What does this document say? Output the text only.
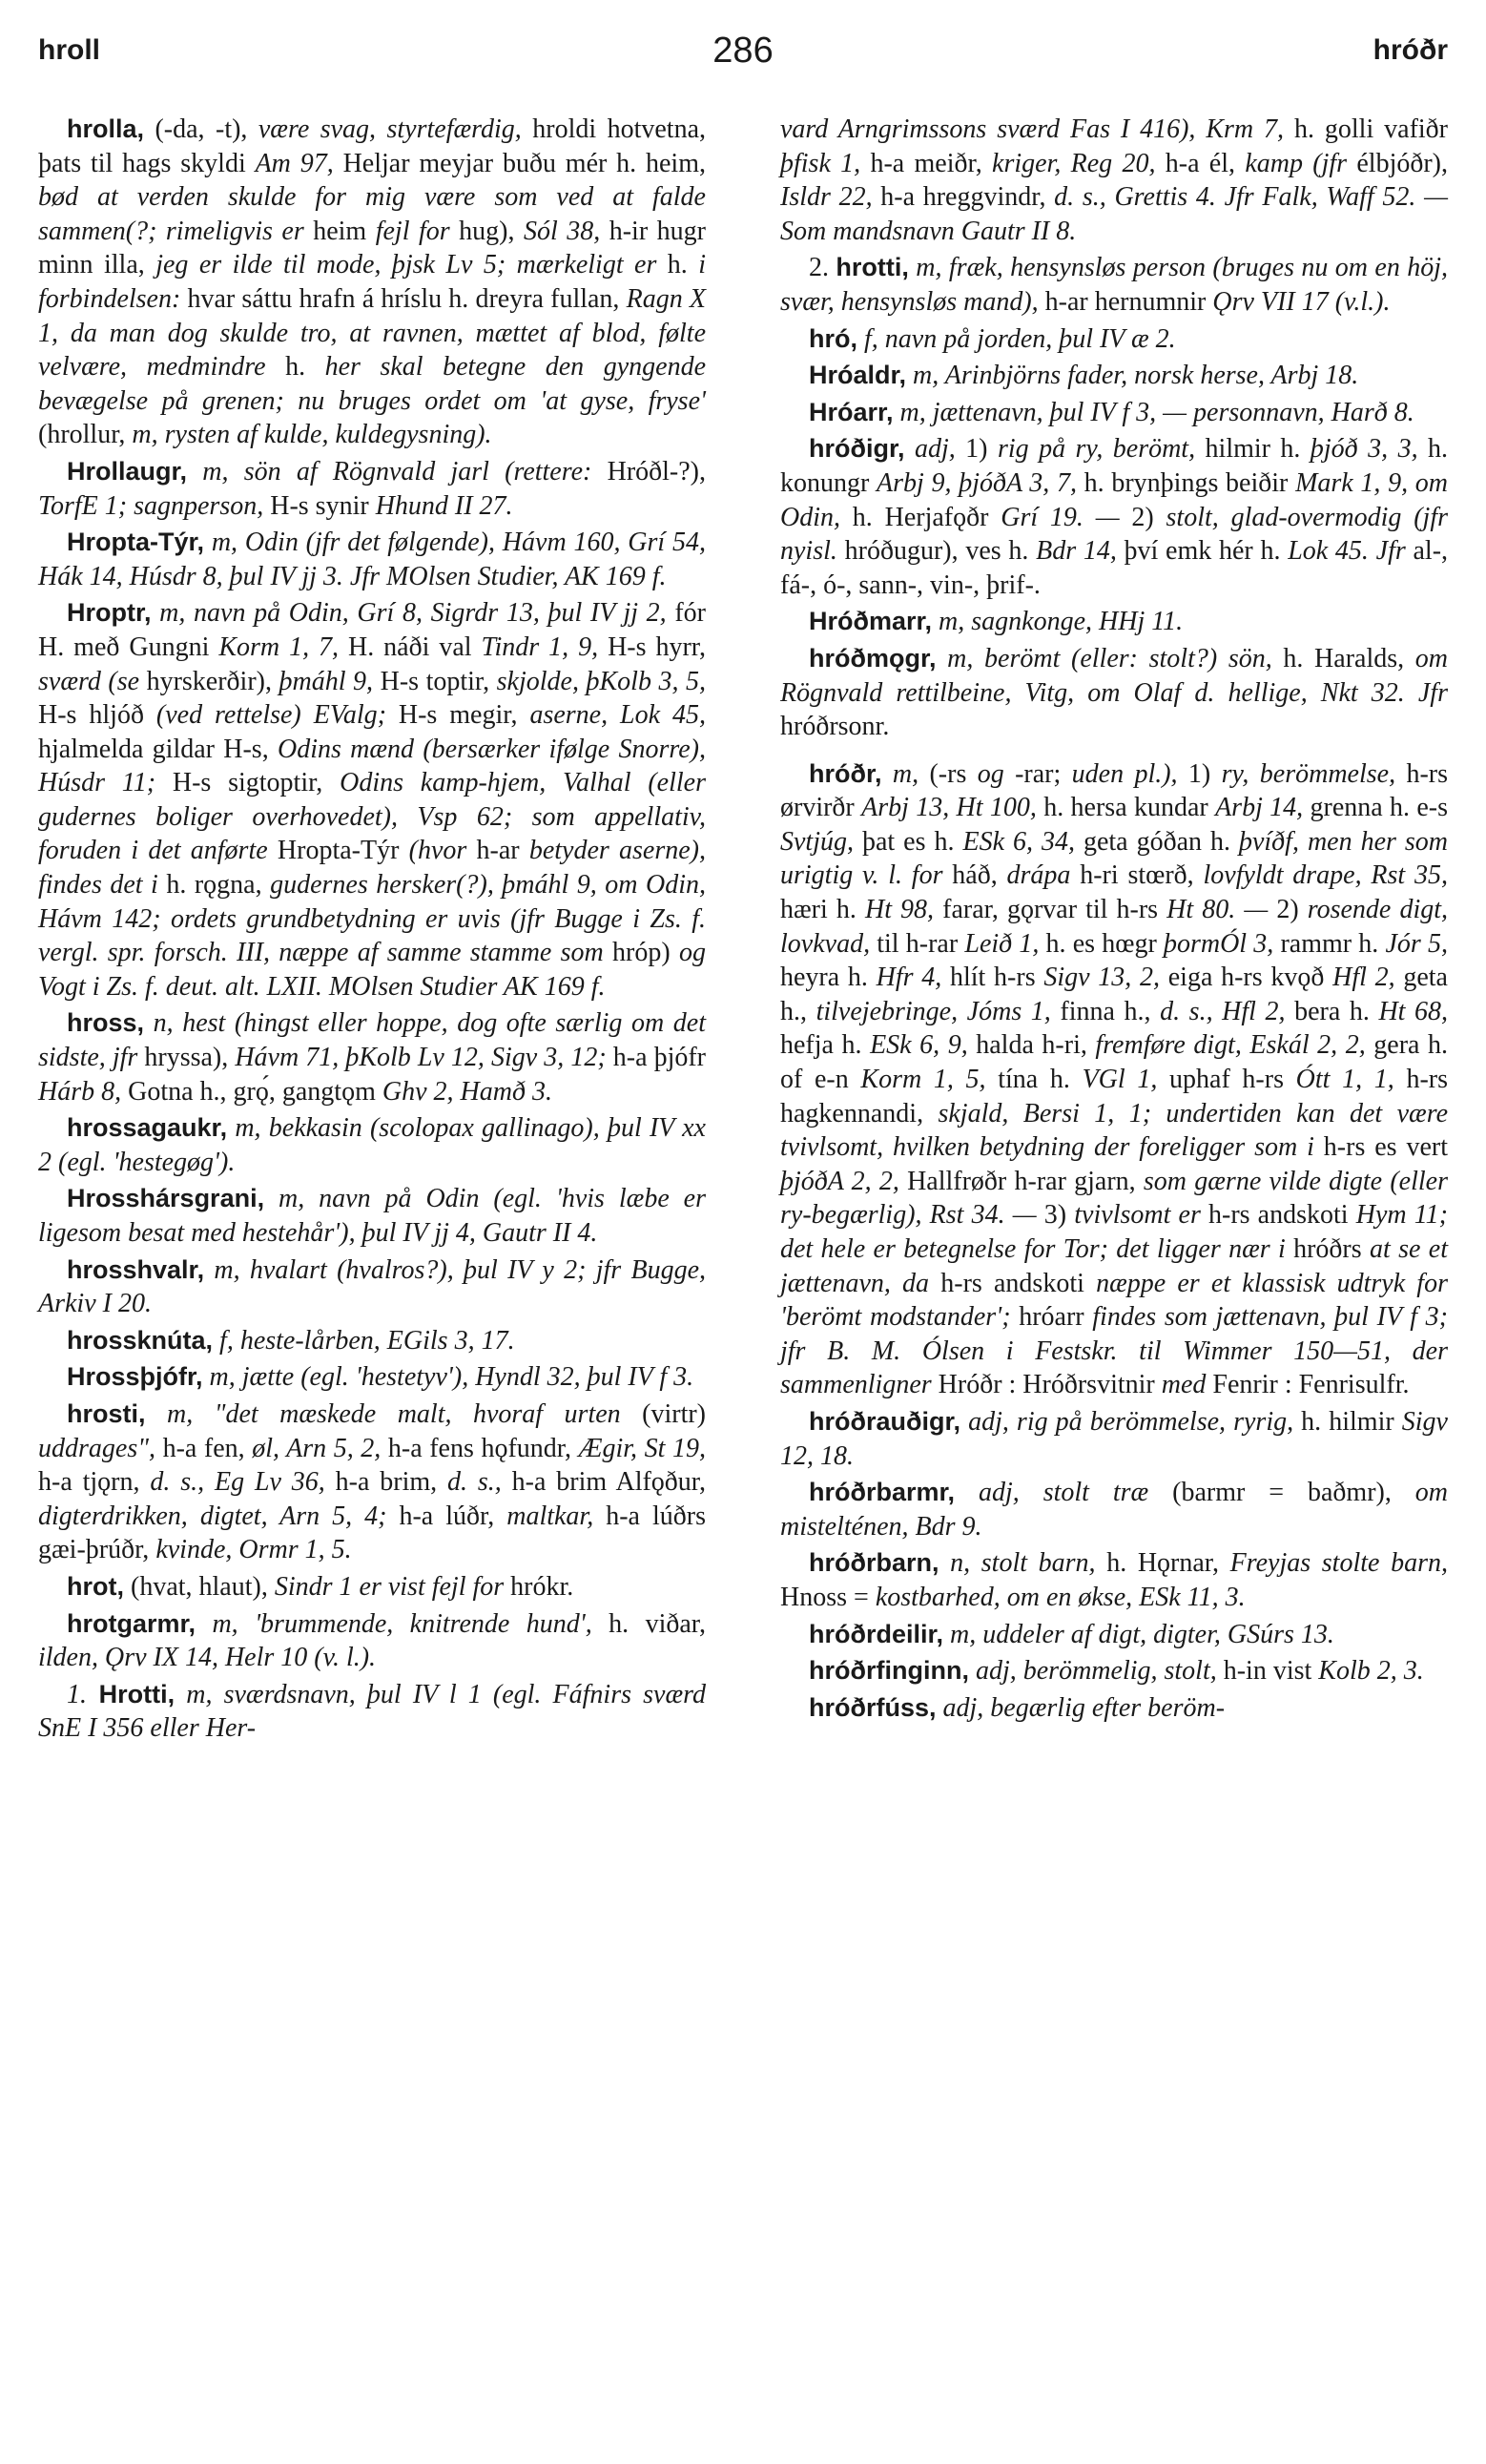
hroll	286	hróðr

hrolla, (-da, -t), være svag, styrtefærdig, hroldi hotvetna, þats til hags skyldi Am 97, Heljar meyjar buðu mér h. heim, bød at verden skulde for mig være som ved at falde sammen(?; rimeligvis er heim fejl for hug), Sól 38, h-ir hugr minn illa, jeg er ilde til mode, þjsk Lv 5; mærkeligt er h. i forbindelsen: hvar sáttu hrafn á hríslu h. dreyra fullan, Ragn X 1, da man dog skulde tro, at ravnen, mættet af blod, følte velvære, medmindre h. her skal betegne den gyngende bevægelse på grenen; nu bruges ordet om 'at gyse, fryse' (hrollur, m, rysten af kulde, kuldegysning).

Hrollaugr, m, sön af Rögnvald jarl (rettere: Hróðl-?), TorfE 1; sagnperson, H-s synir Hhund II 27.

Hropta-Týr, m, Odin (jfr det følgende), Hávm 160, Grí 54, Hák 14, Húsdr 8, þul IV jj 3. Jfr MOlsen Studier, AK 169 f.

Hroptr, m, navn på Odin, Grí 8, Sigrdr 13, þul IV jj 2, fór H. með Gungni Korm 1, 7, H. náði val Tindr 1, 9, H-s hyrr, sværd (se hyrskerðir), þmáhl 9, H-s toptir, skjolde, þKolb 3, 5, H-s hljóð (ved rettelse) EValg; H-s megir, aserne, Lok 45, hjalmelda gildar H-s, Odins mænd (bersærker ifølge Snorre), Húsdr 11; H-s sigtoptir, Odins kamp-hjem, Valhal (eller gudernes boliger overhovedet), Vsp 62; som appellativ, foruden i det anførte Hropta-Týr (hvor h-ar betyder aserne), findes det i h. rǫgna, gudernes hersker(?), þmáhl 9, om Odin, Hávm 142; ordets grundbetydning er uvis (jfr Bugge i Zs. f. vergl. spr. forsch. III, næppe af samme stamme som hróp) og Vogt i Zs. f. deut. alt. LXII. MOlsen Studier AK 169 f.

hross, n, hest (hingst eller hoppe, dog ofte særlig om det sidste, jfr hryssa), Hávm 71, þKolb Lv 12, Sigv 3, 12; h-a þjófr Hárb 8, Gotna h., grǫ́, gangtǫm Ghv 2, Hamð 3.

hrossagaukr, m, bekkasin (scolopax gallinago), þul IV xx 2 (egl. 'hestegøg').

Hrosshársgrani, m, navn på Odin (egl. 'hvis læbe er ligesom besat med hestehår'), þul IV jj 4, Gautr II 4.

hrosshvalr, m, hvalart (hvalros?), þul IV y 2; jfr Bugge, Arkiv I 20.

hrossknúta, f, heste-lårben, EGils 3, 17.

Hrossþjófr, m, jætte (egl. 'hestetyv'), Hyndl 32, þul IV f 3.

hrosti, m, "det mæskede malt, hvoraf urten (virtr) uddrages", h-a fen, øl, Arn 5, 2, h-a fens hǫfundr, Ægir, St 19, h-a tjǫrn, d. s., Eg Lv 36, h-a brim, d. s., h-a brim Alfǫður, digterdrikken, digtet, Arn 5, 4; h-a lúðr, maltkar, h-a lúðrs gæi-þrúðr, kvinde, Ormr 1, 5.

hrot, (hvat, hlaut), Sindr 1 er vist fejl for hrókr.

hrotgarmr, m, 'brummende, knitrende hund', h. viðar, ilden, Ǫrv IX 14, Helr 10 (v. l.).

1. Hrotti, m, sværdsnavn, þul IV l 1 (egl. Fáfnirs sværd SnE I 356 eller Her-

vard Arngrimssons sværd Fas I 416), Krm 7, h. golli vafiðr þfisk 1, h-a meiðr, kriger, Reg 20, h-a él, kamp (jfr élbjóðr), Isldr 22, h-a hreggvindr, d. s., Grettis 4. Jfr Falk, Waff 52. — Som mandsnavn Gautr II 8.

2. hrotti, m, fræk, hensynsløs person (bruges nu om en höj, svær, hensynsløs mand), h-ar hernumnir Ǫrv VII 17 (v.l.).

hró, f, navn på jorden, þul IV æ 2.

Hróaldr, m, Arinbjörns fader, norsk herse, Arbj 18.

Hróarr, m, jættenavn, þul IV f 3, — personnavn, Harð 8.

hróðigr, adj, 1) rig på ry, berömt, hilmir h. þjóð 3, 3, h. konungr Arbj 9, þjóðA 3, 7, h. brynþings beiðir Mark 1, 9, om Odin, h. Herjafǫðr Grí 19. — 2) stolt, glad-overmodig (jfr nyisl. hróðugur), ves h. Bdr 14, því emk hér h. Lok 45. Jfr al-, fá-, ó-, sann-, vin-, þrif-.

Hróðmarr, m, sagnkonge, HHj 11.

hróðmǫgr, m, berömt (eller: stolt?) sön, h. Haralds, om Rögnvald rettilbeine, Vitg, om Olaf d. hellige, Nkt 32. Jfr hróðrsonr.

hróðr, m, (-rs og -rar; uden pl.), 1) ry, berömmelse, h-rs ørvirðr Arbj 13, Ht 100, h. hersa kundar Arbj 14, grenna h. e-s Svtjúg, þat es h. ESk 6, 34, geta góðan h. þvíðf, men her som urigtig v. l. for háð, drápa h-ri stœrð, lovfyldt drape, Rst 35, hæri h. Ht 98, farar, gǫrvar til h-rs Ht 80. — 2) rosende digt, lovkvad, til h-rar Leið 1, h. es hœgr þormÓl 3, rammr h. Jór 5, heyra h. Hfr 4, hlít h-rs Sigv 13, 2, eiga h-rs kvǫð Hfl 2, geta h., tilvejebringe, Jóms 1, finna h., d. s., Hfl 2, bera h. Ht 68, hefja h. ESk 6, 9, halda h-ri, fremføre digt, Eskál 2, 2, gera h. of e-n Korm 1, 5, tína h. VGl 1, uphaf h-rs Ótt 1, 1, h-rs hagkennandi, skjald, Bersi 1, 1; undertiden kan det være tvivlsomt, hvilken betydning der foreligger som i h-rs es vert þjóðA 2, 2, Hallfrøðr h-rar gjarn, som gærne vilde digte (eller ry-begærlig), Rst 34. — 3) tvivlsomt er h-rs andskoti Hym 11; det hele er betegnelse for Tor; det ligger nær i hróðrs at se et jættenavn, da h-rs andskoti næppe er et klassisk udtryk for 'berömt modstander'; hróarr findes som jættenavn, þul IV f 3; jfr B. M. Ólsen i Festskr. til Wimmer 150—51, der sammenligner Hróðr : Hróðrsvitnir med Fenrir : Fenrisulfr.

hróðrauðigr, adj, rig på berömmelse, ryrig, h. hilmir Sigv 12, 18.

hróðrbarmr, adj, stolt træ (barmr = baðmr), om mistelténen, Bdr 9.

hróðrbarn, n, stolt barn, h. Hǫrnar, Freyjas stolte barn, Hnoss = kostbarhed, om en økse, ESk 11, 3.

hróðrdeilir, m, uddeler af digt, digter, GSúrs 13.

hróðrfinginn, adj, berömmelig, stolt, h-in vist Kolb 2, 3.

hróðrfúss, adj, begærlig efter beröm-
